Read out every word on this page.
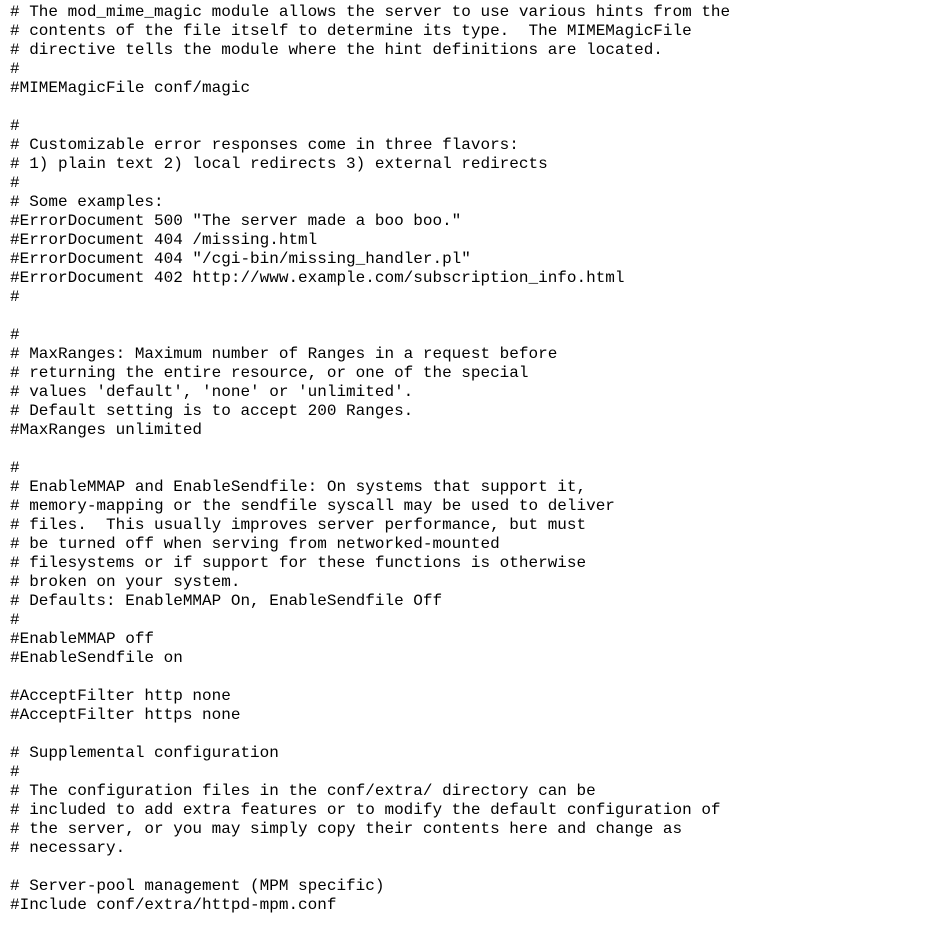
# The mod_mime_magic module allows the server to use various hints from the
# contents of the file itself to determine its type.  The MIMEMagicFile
# directive tells the module where the hint definitions are located.
#
#MIMEMagicFile conf/magic
#
# Customizable error responses come in three flavors:
# 1) plain text 2) local redirects 3) external redirects
#
# Some examples:
#ErrorDocument 500 "The server made a boo boo."
#ErrorDocument 404 /missing.html
#ErrorDocument 404 "/cgi-bin/missing_handler.pl"
#ErrorDocument 402 http://www.example.com/subscription_info.html
#
#
# MaxRanges: Maximum number of Ranges in a request before
# returning the entire resource, or one of the special
# values 'default', 'none' or 'unlimited'.
# Default setting is to accept 200 Ranges.
#MaxRanges unlimited
#
# EnableMMAP and EnableSendfile: On systems that support it,
# memory-mapping or the sendfile syscall may be used to deliver
# files.  This usually improves server performance, but must
# be turned off when serving from networked-mounted
# filesystems or if support for these functions is otherwise
# broken on your system.
# Defaults: EnableMMAP On, EnableSendfile Off
#
#EnableMMAP off
#EnableSendfile on
#AcceptFilter http none
#AcceptFilter https none
# Supplemental configuration
#
# The configuration files in the conf/extra/ directory can be
# included to add extra features or to modify the default configuration of
# the server, or you may simply copy their contents here and change as
# necessary.
# Server-pool management (MPM specific)
#Include conf/extra/httpd-mpm.conf
